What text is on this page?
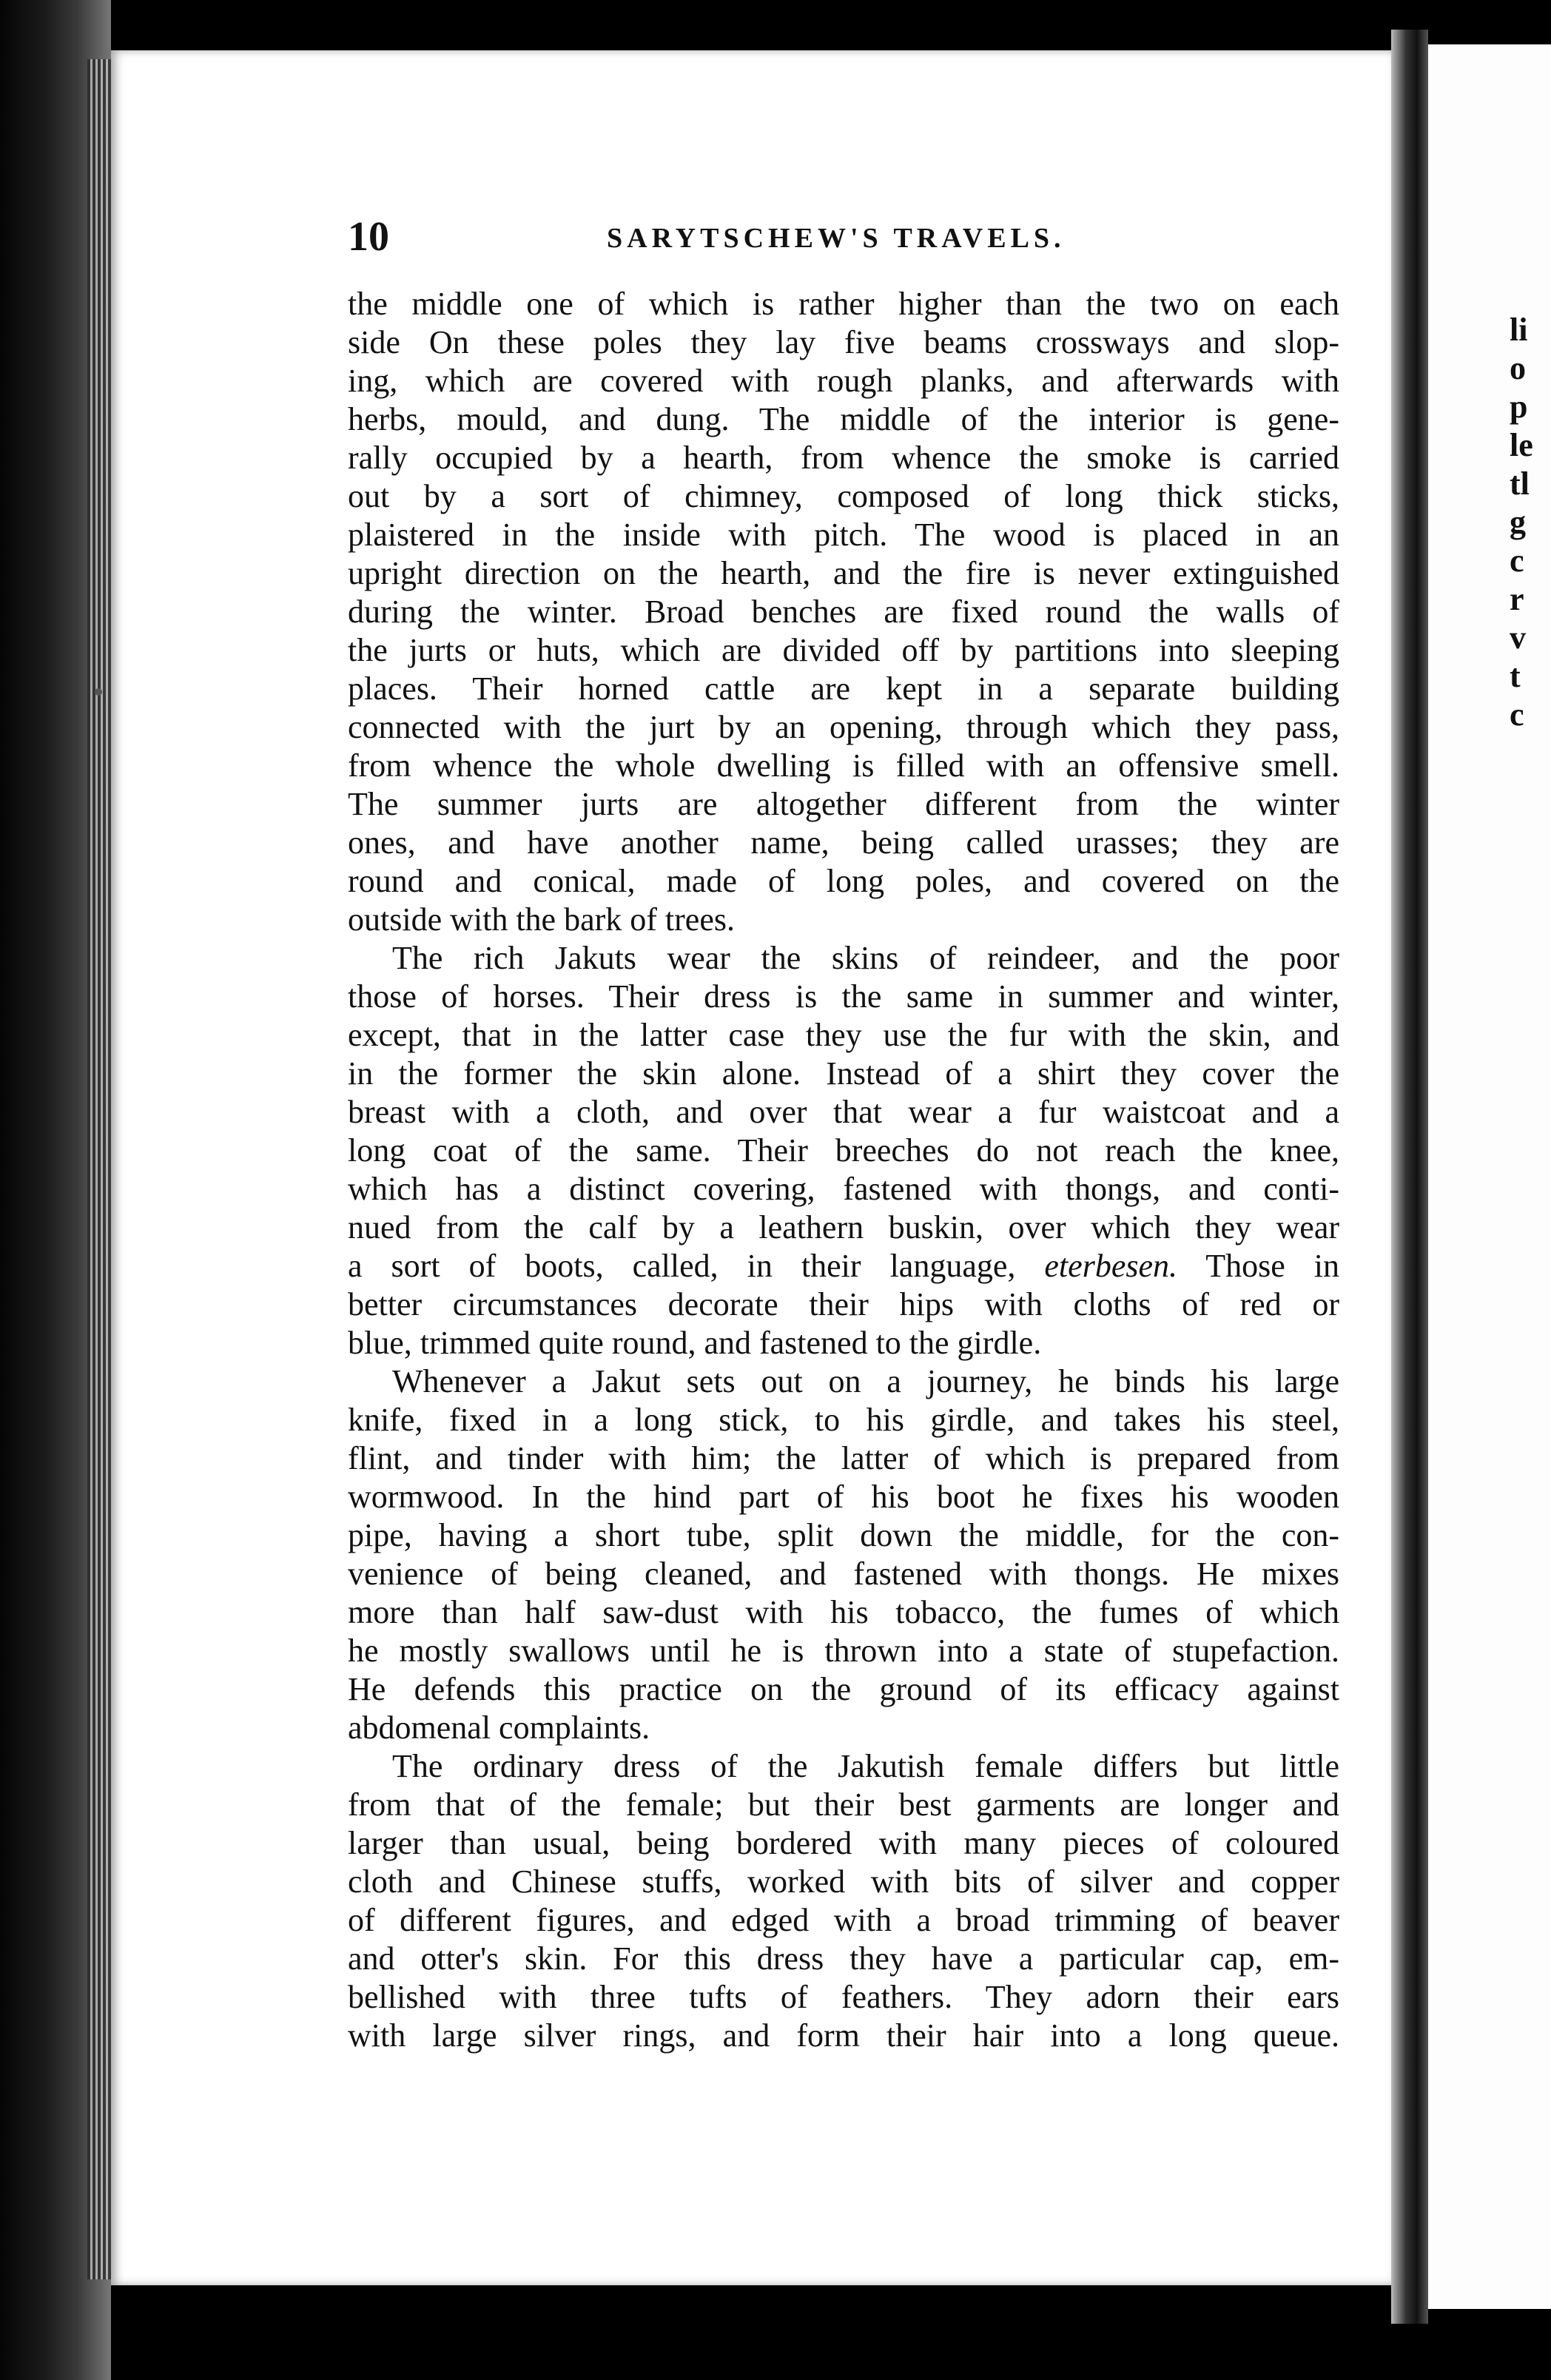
li
o
p
le
tl
g
c
r
v
t
c
10	SARYTSCHEW'S TRAVELS.
the middle one of which is rather higher than the two on each
side On these poles they lay five beams crossways and slop-
ing, which are covered with rough planks, and afterwards with
herbs, mould, and dung. The middle of the interior is gene-
rally occupied by a hearth, from whence the smoke is carried
out by a sort of chimney, composed of long thick sticks,
plaistered in the inside with pitch. The wood is placed in an
upright direction on the hearth, and the fire is never extinguished
during the winter. Broad benches are fixed round the walls of
the jurts or huts, which are divided off by partitions into sleeping
places. Their horned cattle are kept in a separate building
connected with the jurt by an opening, through which they pass,
from whence the whole dwelling is filled with an offensive smell.
The summer jurts are altogether different from the winter
ones, and have another name, being called urasses; they are
round and conical, made of long poles, and covered on the
outside with the bark of trees.
The rich Jakuts wear the skins of reindeer, and the poor
those of horses. Their dress is the same in summer and winter,
except, that in the latter case they use the fur with the skin, and
in the former the skin alone. Instead of a shirt they cover the
breast with a cloth, and over that wear a fur waistcoat and a
long coat of the same. Their breeches do not reach the knee,
which has a distinct covering, fastened with thongs, and conti-
nued from the calf by a leathern buskin, over which they wear
a sort of boots, called, in their language, eterbesen. Those in
better circumstances decorate their hips with cloths of red or
blue, trimmed quite round, and fastened to the girdle.
Whenever a Jakut sets out on a journey, he binds his large
knife, fixed in a long stick, to his girdle, and takes his steel,
flint, and tinder with him; the latter of which is prepared from
wormwood. In the hind part of his boot he fixes his wooden
pipe, having a short tube, split down the middle, for the con-
venience of being cleaned, and fastened with thongs. He mixes
more than half saw-dust with his tobacco, the fumes of which
he mostly swallows until he is thrown into a state of stupefaction.
He defends this practice on the ground of its efficacy against
abdomenal complaints.
The ordinary dress of the Jakutish female differs but little
from that of the female; but their best garments are longer and
larger than usual, being bordered with many pieces of coloured
cloth and Chinese stuffs, worked with bits of silver and copper
of different figures, and edged with a broad trimming of beaver
and otter's skin. For this dress they have a particular cap, em-
bellished with three tufts of feathers. They adorn their ears
with large silver rings, and form their hair into a long queue.
